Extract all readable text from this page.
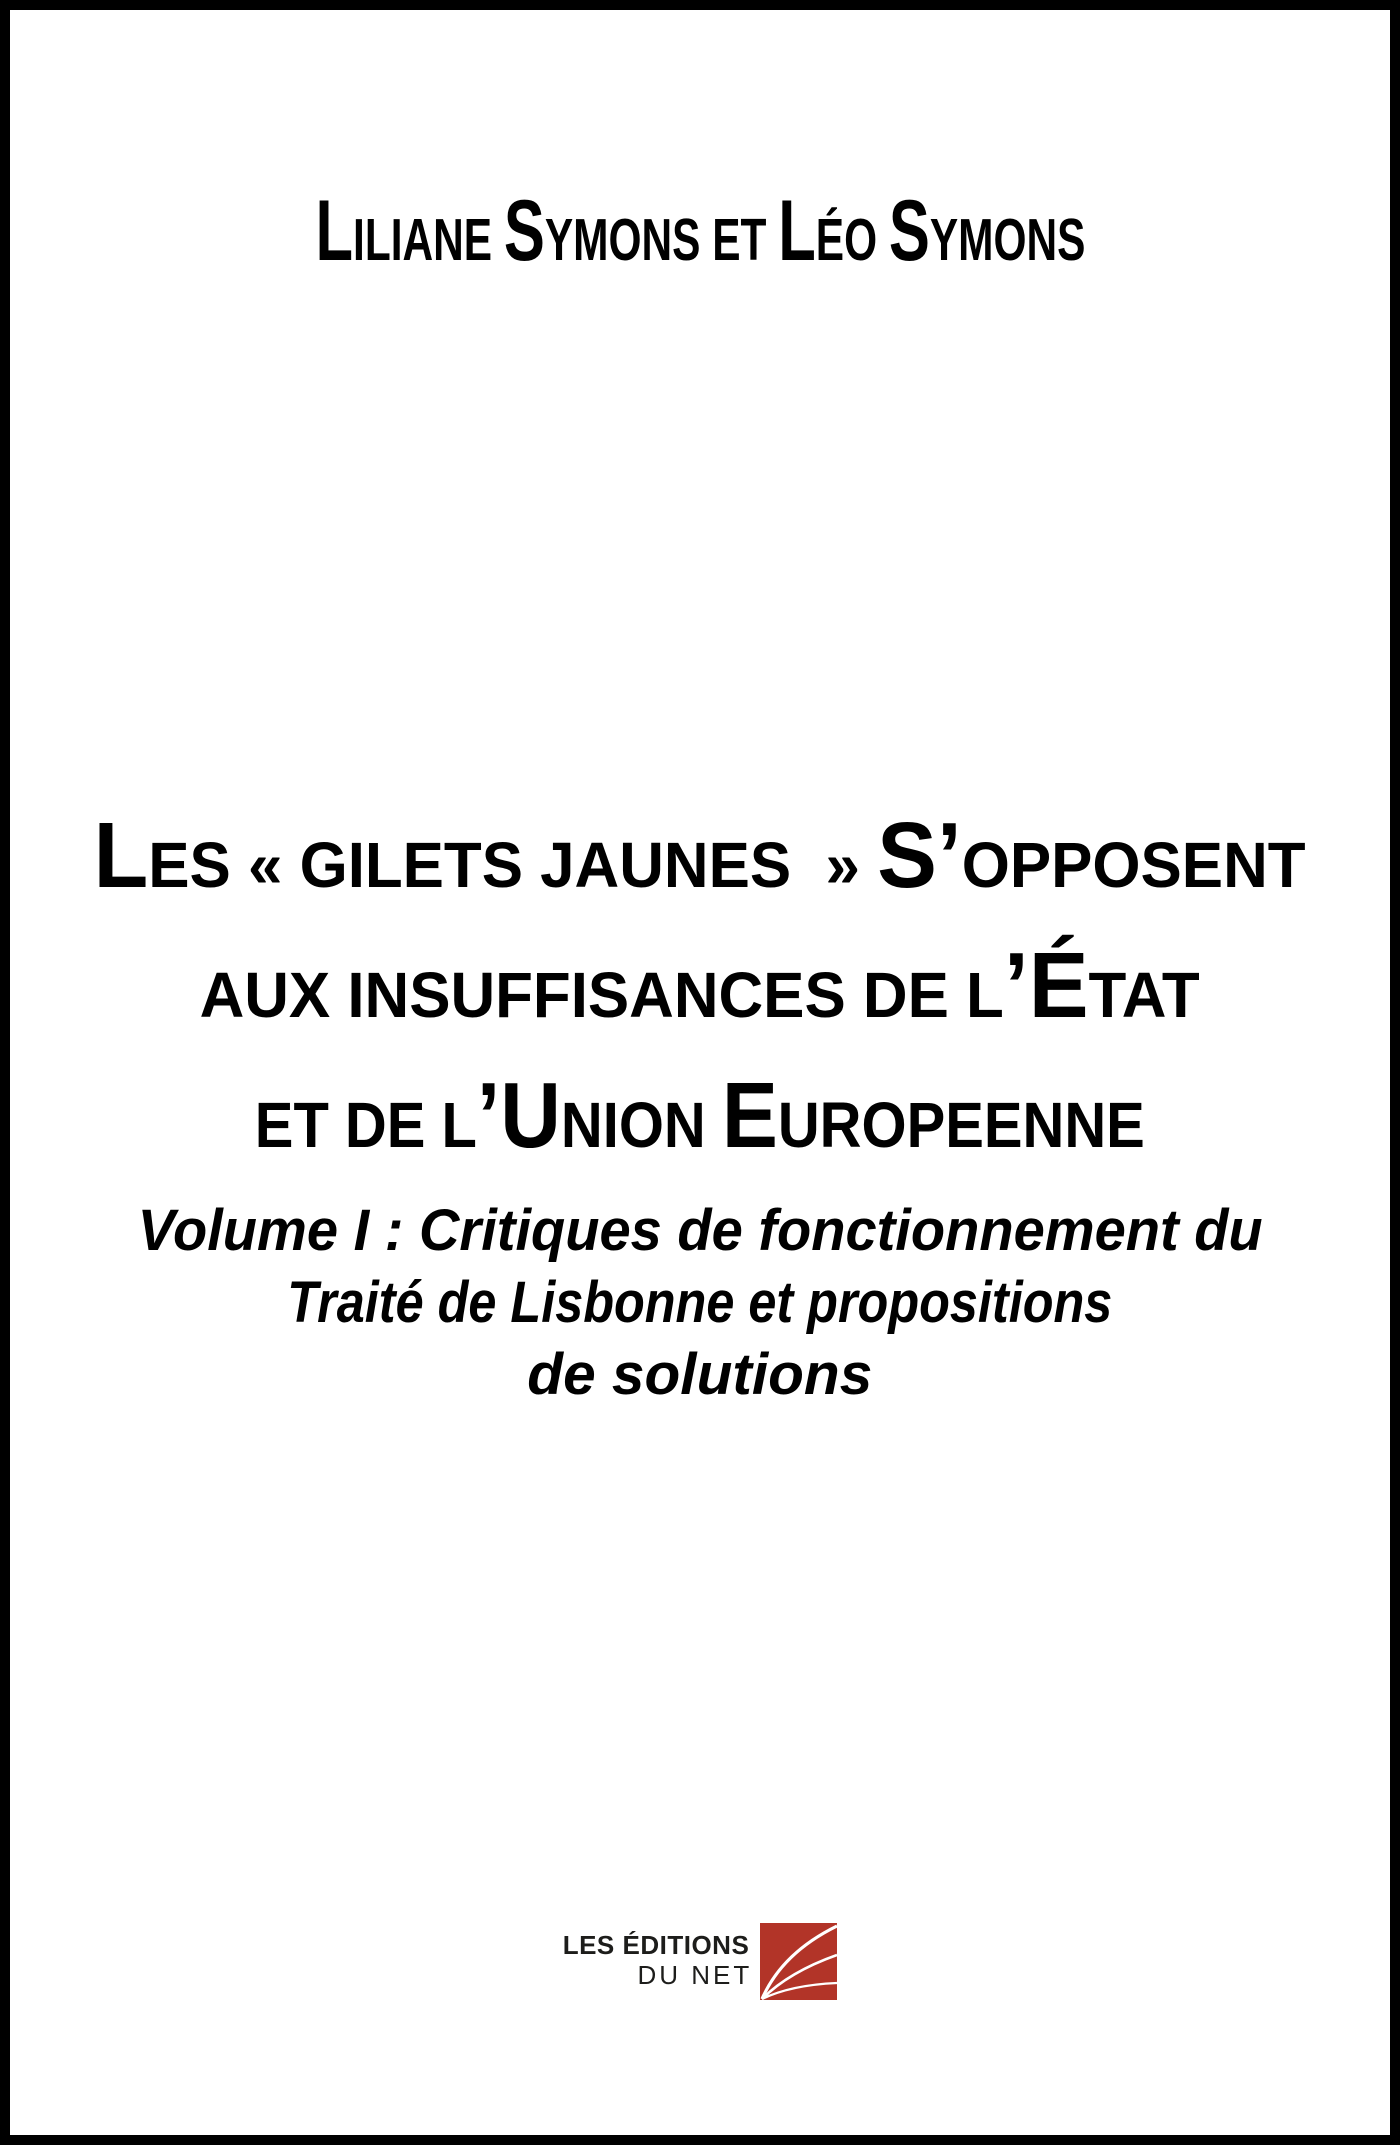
LILIANE SYMONS ET LÉO SYMONS
LES « GILETS JAUNES  » S’OPPOSENT
AUX INSUFFISANCES DE L’ÉTAT
ET DE L’UNION EUROPEENNE
Volume I : Critiques de fonctionnement du
Traité de Lisbonne et propositions
de solutions
LES ÉDITIONS
DU NET
